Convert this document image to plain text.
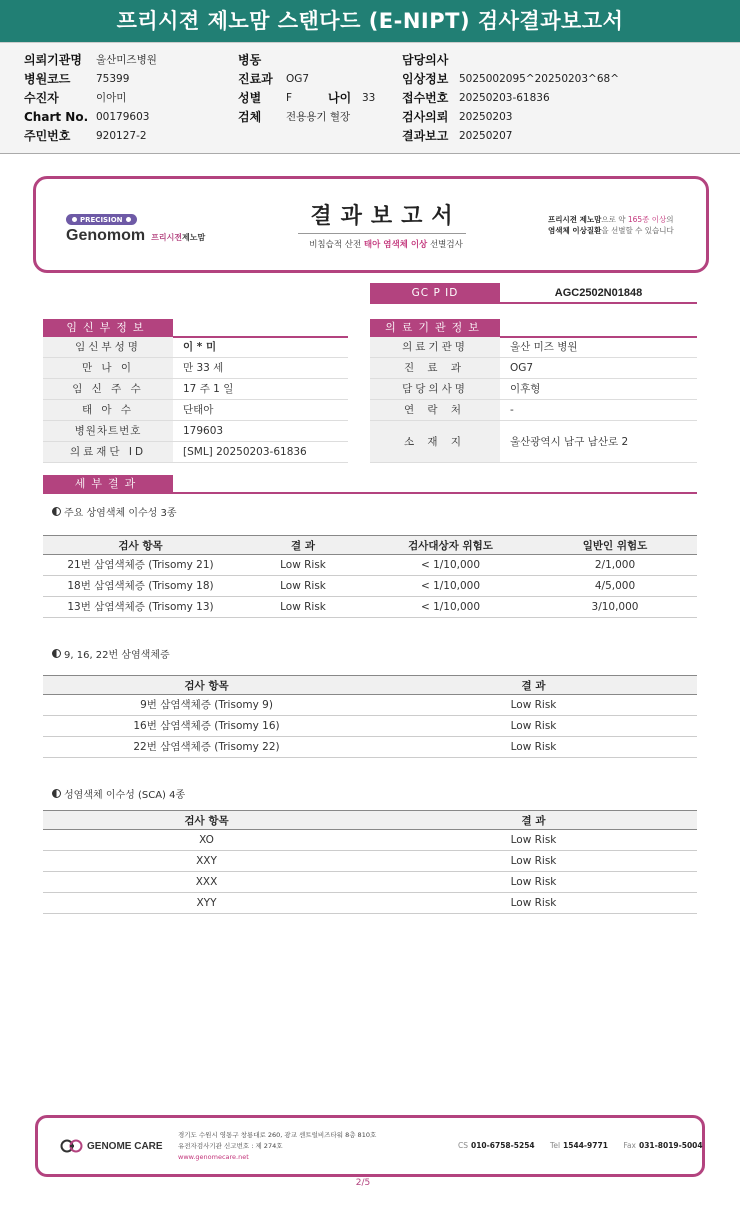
프리시젼 제노맘 스탠다드 (E-NIPT) 검사결과보고서
의뢰기관명	울산미즈병원
병원코드	75399
수진자	이아미
Chart No. 00179603
주민번호	920127-2
병동
진료과	OG7
성별	F	나이	33
검체	전용용기 혈장
담당의사
임상정보	5025002095^20250203^68^
접수번호	20250203-61836
검사의뢰	20250203
결과보고	20250207
PRECISION
Genomom 프리시젼제노맘
결과보고서
비침습적 산전 태아 염색체 이상 선별검사
프리시젼 제노맘으로 약 165종 이상의
염색체 이상질환을 선별할 수 있습니다
GC P ID	AGC2502N01848
임신부정보	의료기관정보
임신부성명	이 * 미
만 나 이	만 33 세
임 신 주 수	17 주 1 일
태 아 수	단태아
병원차트번호	179603
의료재단 ID	[SML] 20250203-61836
의료기관명	울산 미즈 병원
진 료 과	OG7
담당의사명	이후형
연 락 처	-
소 재 지	울산광역시 남구 남산로 2
세부결과
주요 상염색체 이수성 3종
검사 항목	결 과	검사대상자 위험도	일반인 위험도
21번 삼염색체증 (Trisomy 21)	Low Risk	< 1/10,000	2/1,000
18번 삼염색체증 (Trisomy 18)	Low Risk	< 1/10,000	4/5,000
13번 삼염색체증 (Trisomy 13)	Low Risk	< 1/10,000	3/10,000
9, 16, 22번 삼염색체증
검사 항목	결 과
9번 삼염색체증 (Trisomy 9)	Low Risk
16번 삼염색체증 (Trisomy 16)	Low Risk
22번 삼염색체증 (Trisomy 22)	Low Risk
성염색체 이수성 (SCA) 4종
검사 항목	결 과
XO	Low Risk
XXY	Low Risk
XXX	Low Risk
XYY	Low Risk
GENOME CARE
경기도 수원시 영통구 창룡대로 260, 광교 센트럴비즈타워 8층 810호
유전자검사기관 신고번호 : 제 274호
www.genomecare.net
CS 010-6758-5254 Tel 1544-9771 Fax 031-8019-5004
2/5
